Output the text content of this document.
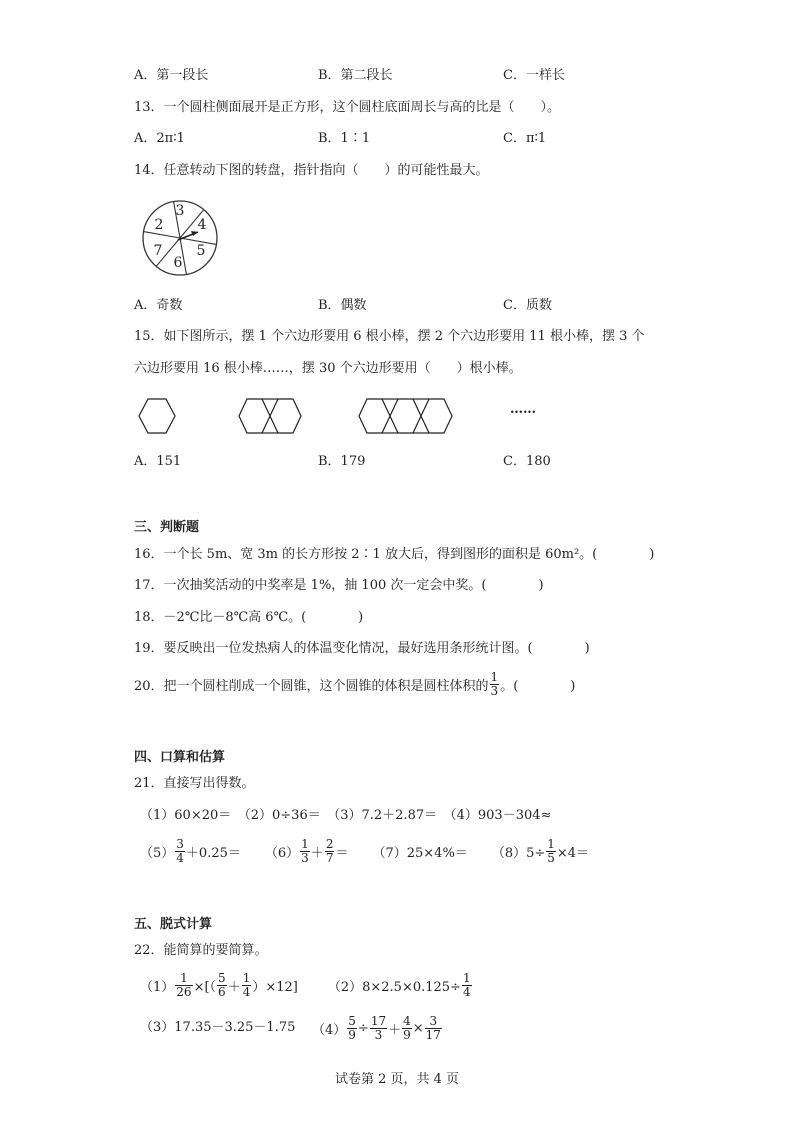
A．第一段长	B．第二段长	C．一样长
13．一个圆柱侧面展开是正方形，这个圆柱底面周长与高的比是（　　）。
A．2π∶1	B．1∶1	C．π∶1
14．任意转动下图的转盘，指针指向（　　）的可能性最大。
3
4
5
6
7
2
A．奇数	B．偶数	C．质数
15．如下图所示，摆 1 个六边形要用 6 根小棒，摆 2 个六边形要用 11 根小棒，摆 3 个
六边形要用 16 根小棒……，摆 30 个六边形要用（　　）根小棒。
……
A．151	B．179	C．180
三、判断题
16．一个长 5m、宽 3m 的长方形按 2∶1 放大后，得到图形的面积是 60m²。(　　　　)
17．一次抽奖活动的中奖率是 1%，抽 100 次一定会中奖。(　　　　)
18．－2℃比－8℃高 6℃。(　　　　)
19．要反映出一位发热病人的体温变化情况，最好选用条形统计图。(　　　　)
20．把一个圆柱削成一个圆锥，这个圆锥的体积是圆柱体积的 $\frac{1}{3}$ 。(　　　　)
四、口算和估算
21．直接写出得数。
（1）60×20＝　（2）0÷36＝　（3）7.2＋2.87＝　（4）903－304≈
$(5) \frac{3}{4} +0.25= (6) \frac{1}{3} + \frac{2}{7} = (7)25\times 4\%= (8)5\div \frac{1}{5} \times 4=$
五、脱式计算
22．能简算的要简算。
$(1) \frac{1}{26}$ ×[（ $\frac{5}{6} + \frac{1}{4} )\times 12$] $(2)8\times 2.5\times 0.125\div \frac{1}{4}$
（3）17.35－3.25－1.75 $(4) \frac{5}{9} \div \frac{17}{3} + \frac{4}{9} \times \frac{3}{17}$
试卷第 2 页，共 4 页
